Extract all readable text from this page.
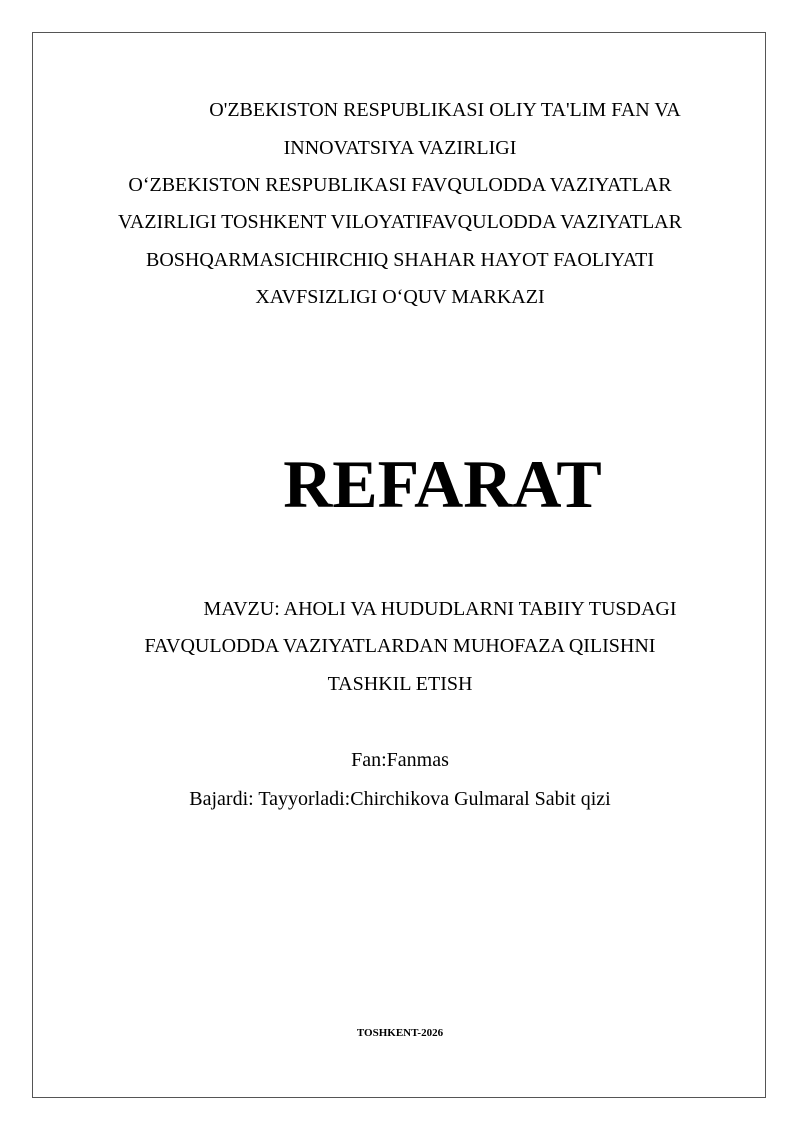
O'ZBEKISTON RESPUBLIKASI OLIY TA'LIM FAN VA
INNOVATSIYA VAZIRLIGI
O‘ZBEKISTON RESPUBLIKASI FAVQULODDA VAZIYATLAR
VAZIRLIGI TOSHKENT VILOYATIFAVQULODDA VAZIYATLAR
BOSHQARMASICHIRCHIQ SHAHAR HAYOT FAOLIYATI
XAVFSIZLIGI O‘QUV MARKAZI
REFARAT
MAVZU: AHOLI VA HUDUDLARNI TABIIY TUSDAGI
FAVQULODDA VAZIYATLARDAN MUHOFAZA QILISHNI
TASHKIL ETISH
Fan:Fanmas
Bajardi: Tayyorladi:Chirchikova Gulmaral Sabit qizi
TOSHKENT-2026
